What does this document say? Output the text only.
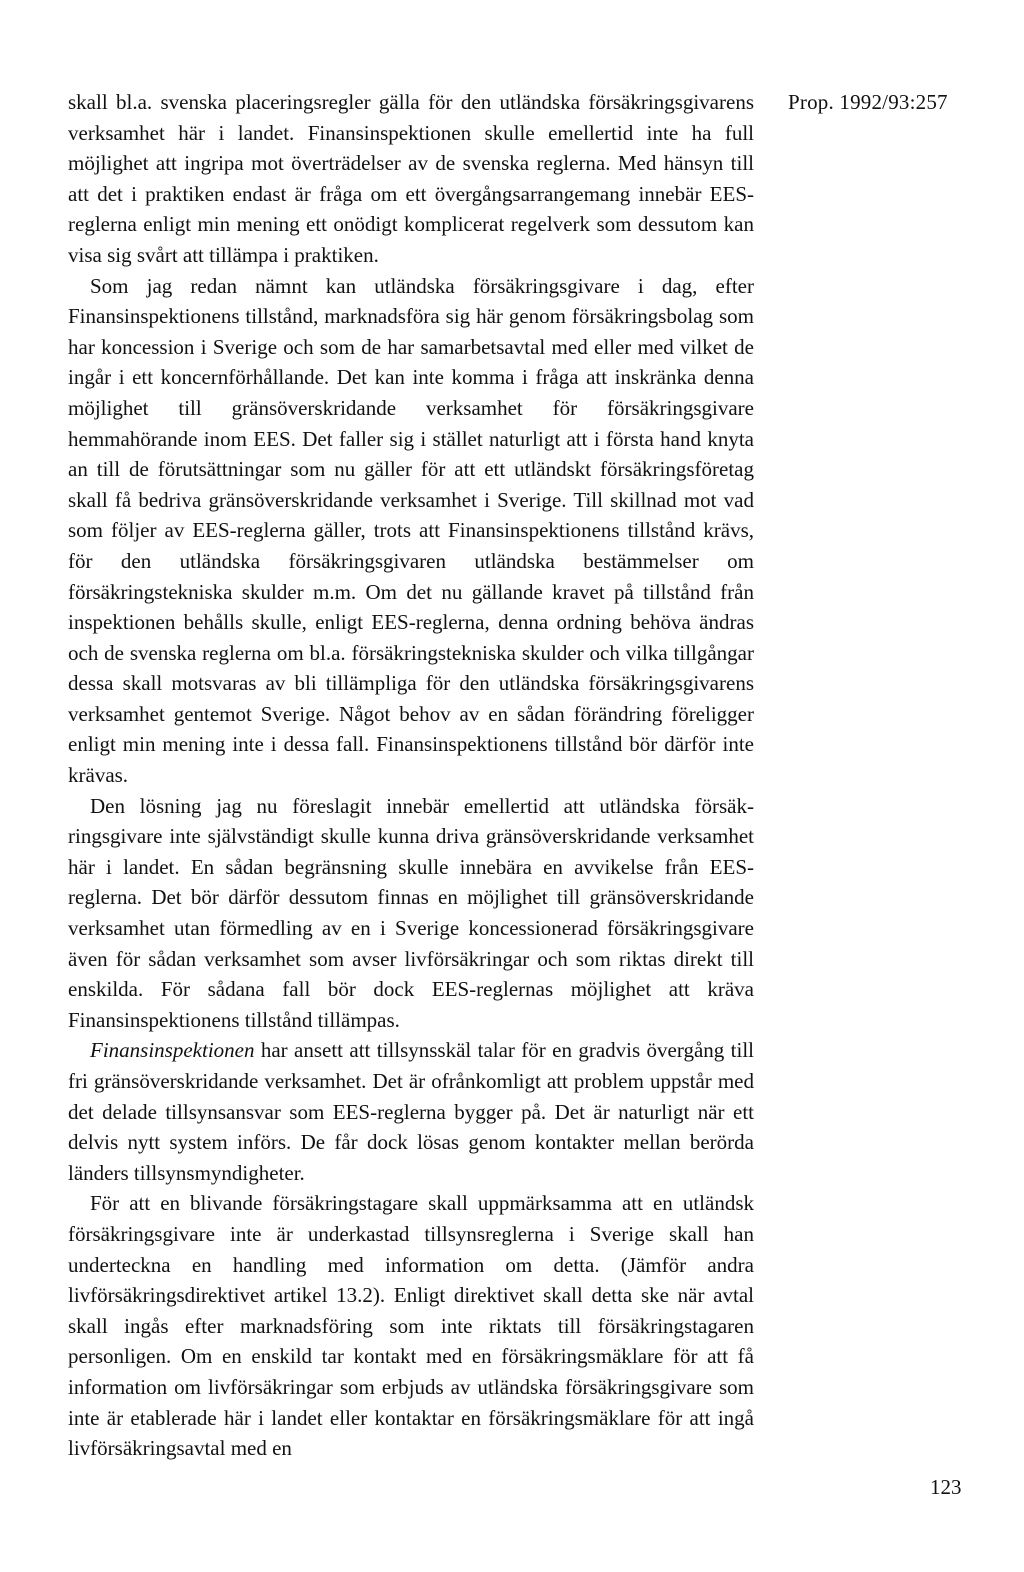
Prop. 1992/93:257

skall bl.a. svenska placeringsregler gälla för den utländska försäkringsgivarens verksamhet här i landet. Finansinspektionen skulle emellertid inte ha full möjlighet att ingripa mot överträdelser av de svenska reglerna. Med hänsyn till att det i praktiken endast är fråga om ett övergångsarrangemang innebär EES-reglerna enligt min mening ett onödigt komplicerat regelverk som dessutom kan visa sig svårt att tillämpa i praktiken.

Som jag redan nämnt kan utländska försäkringsgivare i dag, efter Finansinspektionens tillstånd, marknadsföra sig här genom försäkringsbolag som har koncession i Sverige och som de har samarbetsavtal med eller med vilket de ingår i ett koncernförhållande. Det kan inte komma i fråga att inskränka denna möjlighet till gränsöverskridande verksamhet för försäkringsgivare hemmahörande inom EES. Det faller sig i stället naturligt att i första hand knyta an till de förutsättningar som nu gäller för att ett utländskt försäkringsföretag skall få bedriva gränsöverskridande verksamhet i Sverige. Till skillnad mot vad som följer av EES-reglerna gäller, trots att Finansinspektionens tillstånd krävs, för den utländska försäkringsgivaren utländska bestämmelser om försäkringstekniska skulder m.m. Om det nu gällande kravet på tillstånd från inspektionen behålls skulle, enligt EES-reglerna, denna ordning behöva ändras och de svenska reglerna om bl.a. försäkringstekniska skulder och vilka tillgångar dessa skall motsvaras av bli tillämpliga för den utländska försäkringsgivarens verksamhet gentemot Sverige. Något behov av en sådan förändring föreligger enligt min mening inte i dessa fall. Finansinspektionens tillstånd bör därför inte krävas.

Den lösning jag nu föreslagit innebär emellertid att utländska försäkringsgivare inte självständigt skulle kunna driva gränsöverskridande verksamhet här i landet. En sådan begränsning skulle innebära en avvikelse från EES-reglerna. Det bör därför dessutom finnas en möjlighet till gränsöverskridande verksamhet utan förmedling av en i Sverige koncessionerad försäkringsgivare även för sådan verksamhet som avser livförsäkringar och som riktas direkt till enskilda. För sådana fall bör dock EES-reglernas möjlighet att kräva Finansinspektionens tillstånd tillämpas.

Finansinspektionen har ansett att tillsynsskäl talar för en gradvis övergång till fri gränsöverskridande verksamhet. Det är ofrånkomligt att problem uppstår med det delade tillsynsansvar som EES-reglerna bygger på. Det är naturligt när ett delvis nytt system införs. De får dock lösas genom kontakter mellan berörda länders tillsynsmyndigheter.

För att en blivande försäkringstagare skall uppmärksamma att en utländsk försäkringsgivare inte är underkastad tillsynsreglerna i Sverige skall han underteckna en handling med information om detta. (Jämför andra livförsäkringsdirektivet artikel 13.2). Enligt direktivet skall detta ske när avtal skall ingås efter marknadsföring som inte riktats till försäkringstagaren personligen. Om en enskild tar kontakt med en försäkringsmäklare för att få information om livförsäkringar som erbjuds av utländska försäkringsgivare som inte är etablerade här i landet eller kontaktar en försäkringsmäklare för att ingå livförsäkringsavtal med en

123
